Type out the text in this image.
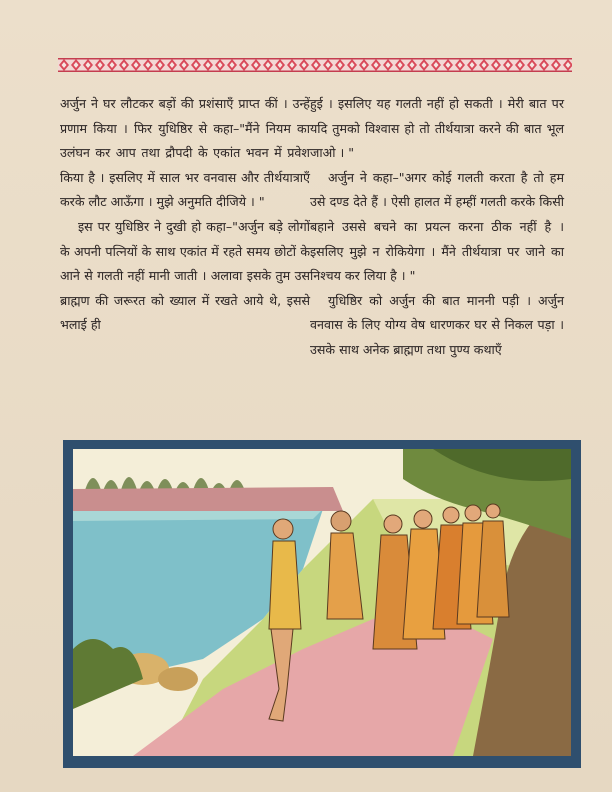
अर्जुन ने घर लौटकर बड़ों की प्रशंसाएँ प्राप्त कीं । उन्हें प्रणाम किया । फिर युधिष्ठिर से कहा–"मैंने नियम का उलंघन कर आप तथा द्रौपदी के एकांत भवन में प्रवेश किया है । इसलिए में साल भर वनवास और तीर्थयात्राएँ करके लौट आऊँगा । मुझे अनुमति दीजिये । "

इस पर युधिष्ठिर ने दुखी हो कहा–"अर्जुन बड़े लोगों के अपनी पत्नियों के साथ एकांत में रहते समय छोटों के आने से गलती नहीं मानी जाती । अलावा इसके तुम उस ब्राह्मण की जरूरत को ख्याल में रखते आये थे, इससे भलाई ही

हुई । इसलिए यह गलती नहीं हो सकती । मेरी बात पर यदि तुमको विश्वास हो तो तीर्थयात्रा करने की बात भूल जाओ । "

अर्जुन ने कहा–"अगर कोई गलती करता है तो हम उसे दण्ड देते हैं । ऐसी हालत में हम्हीं गलती करके किसी बहाने उससे बचने का प्रयत्न करना ठीक नहीं है । इसलिए मुझे न रोकियेगा । मैंने तीर्थयात्रा पर जाने का निश्चय कर लिया है । "

युधिष्ठिर को अर्जुन की बात माननी पड़ी । अर्जुन वनवास के लिए योग्य वेष धारणकर घर से निकल पड़ा । उसके साथ अनेक ब्राह्मण तथा पुण्य कथाएँ
